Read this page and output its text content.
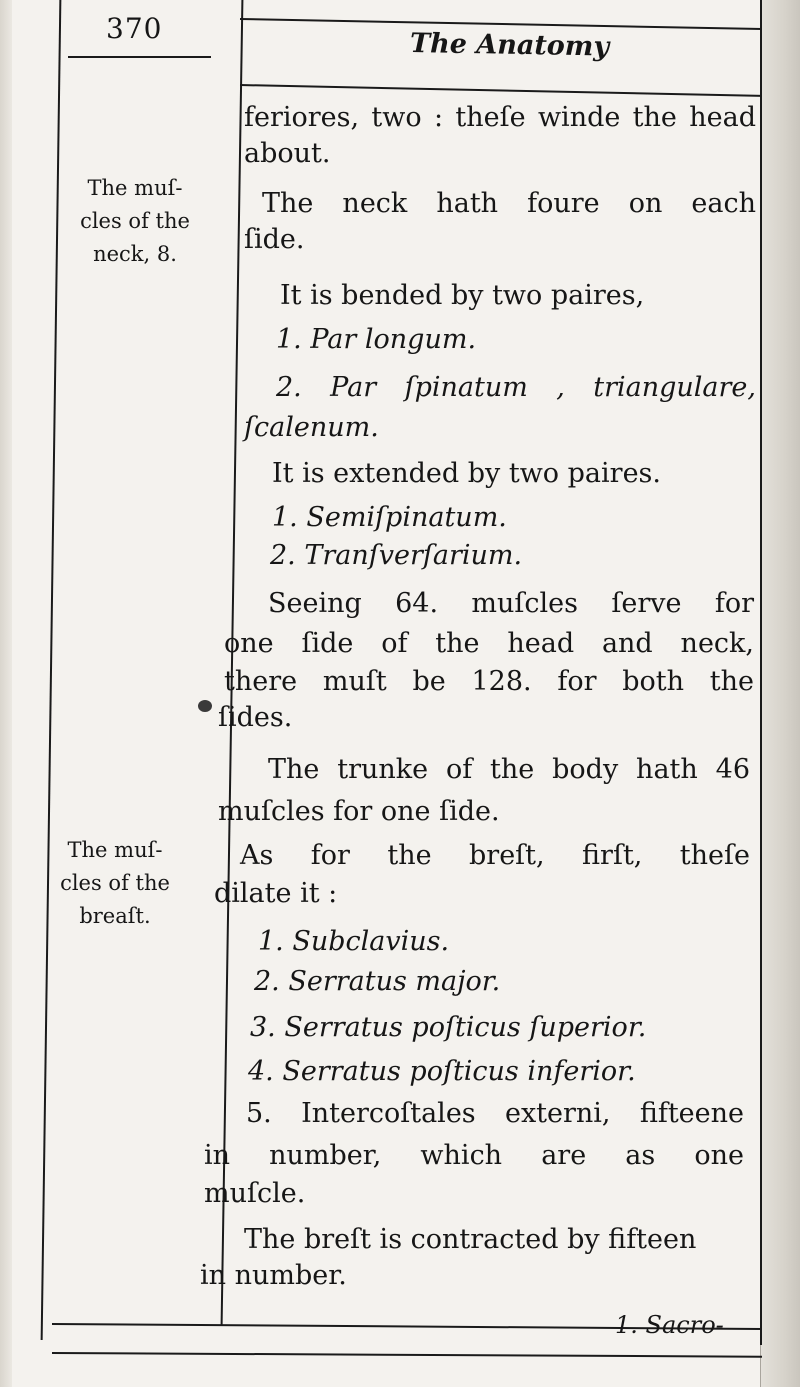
370	The Anatomy
The muſ-
cles of the
neck, 8.
The muſ-
cles of the
breaſt.
feriores, two : theſe winde the head
about.
The neck hath foure on each
ſide.
It is bended by two paires,
1. Par longum.
2. Par ſpinatum , triangulare,
ſcalenum.
It is extended by two paires.
1. Semiſpinatum.
2. Tranſverſarium.
Seeing 64. muſcles ſerve for
one ſide of the head and neck,
there muſt be 128. for both the
ſides.
The trunke of the body hath 46
muſcles for one ſide.
As for the breſt, firſt, theſe
dilate it :
1. Subclavius.
2. Serratus major.
3. Serratus poſticus ſuperior.
4. Serratus poſticus inferior.
5. Intercoſtales externi, fifteene
in number, which are as one
muſcle.
The breſt is contracted by fifteen
in number.
1. Sacro-
